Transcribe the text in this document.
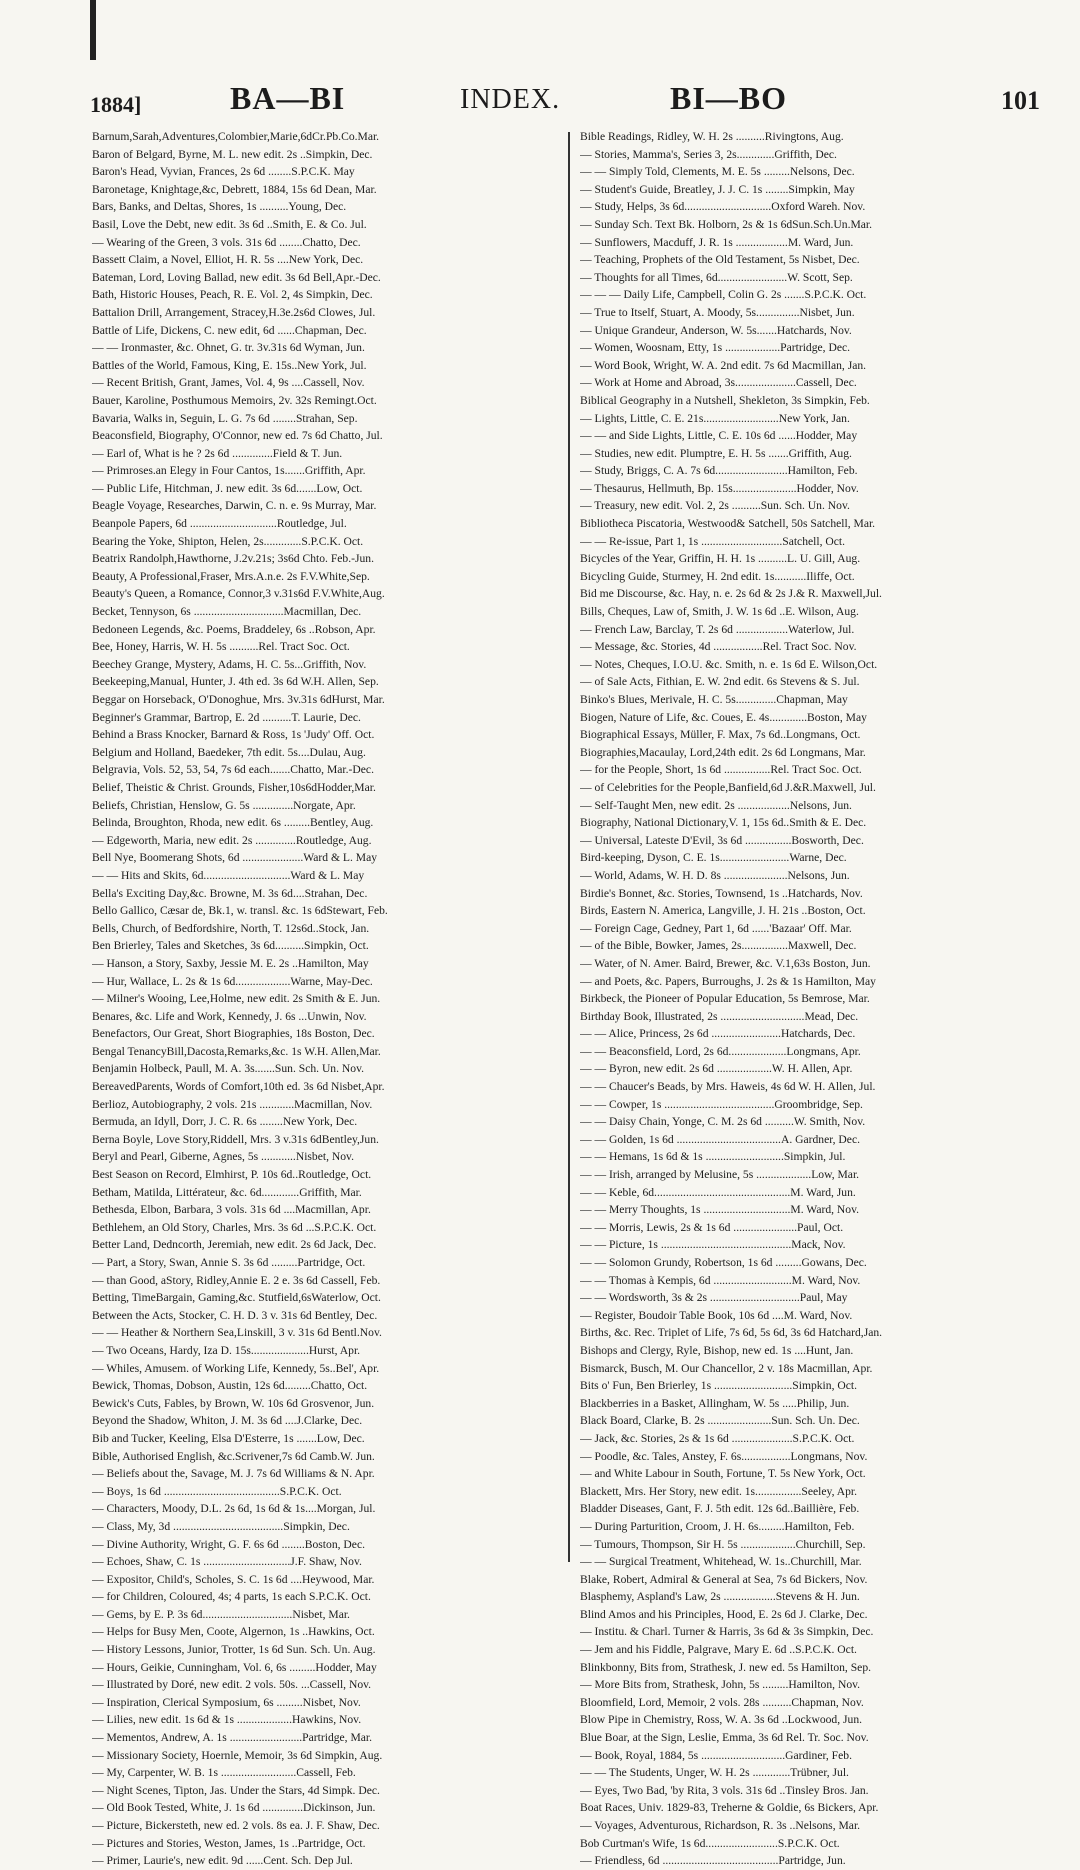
1884]	BA—BI	INDEX.	BI—BO	101
Barnum,Sarah,Adventures,Colombier,Marie,6dCr.Pb.Co.Mar.
Baron of Belgard, Byrne, M. L. new edit. 2s ..Simpkin, Dec.
Baron's Head, Vyvian, Frances, 2s 6d ........S.P.C.K. May
Baronetage, Knightage,&c, Debrett, 1884, 15s 6d Dean, Mar.
Bars, Banks, and Deltas, Shores, 1s ..........Young, Dec.
Basil, Love the Debt, new edit. 3s 6d ..Smith, E. & Co. Jul.
— Wearing of the Green, 3 vols. 31s 6d ........Chatto, Dec.
Bassett Claim, a Novel, Elliot, H. R. 5s ....New York, Dec.
Bateman, Lord, Loving Ballad, new edit. 3s 6d Bell,Apr.-Dec.
Bath, Historic Houses, Peach, R. E. Vol. 2, 4s Simpkin, Dec.
Battalion Drill, Arrangement, Stracey,H.3e.2s6d Clowes, Jul.
Battle of Life, Dickens, C. new edit, 6d ......Chapman, Dec.
— — Ironmaster, &c. Ohnet, G. tr. 3v.31s 6d Wyman, Jun.
Battles of the World, Famous, King, E. 15s..New York, Jul.
— Recent British, Grant, James, Vol. 4, 9s ....Cassell, Nov.
Bauer, Karoline, Posthumous Memoirs, 2v. 32s Remingt.Oct.
Bavaria, Walks in, Seguin, L. G. 7s 6d ........Strahan, Sep.
Beaconsfield, Biography, O'Connor, new ed. 7s 6d Chatto, Jul.
— Earl of, What is he ? 2s 6d ..............Field & T. Jun.
— Primroses.an Elegy in Four Cantos, 1s.......Griffith, Apr.
— Public Life, Hitchman, J. new edit. 3s 6d.......Low, Oct.
Beagle Voyage, Researches, Darwin, C. n. e. 9s Murray, Mar.
Beanpole Papers, 6d ..............................Routledge, Jul.
Bearing the Yoke, Shipton, Helen, 2s.............S.P.C.K. Oct.
Beatrix Randolph,Hawthorne, J.2v.21s; 3s6d Chto. Feb.-Jun.
Beauty, A Professional,Fraser, Mrs.A.n.e. 2s F.V.White,Sep.
Beauty's Queen, a Romance, Connor,3 v.31s6d F.V.White,Aug.
Becket, Tennyson, 6s ...............................Macmillan, Dec.
Bedoneen Legends, &c. Poems, Braddeley, 6s ..Robson, Apr.
Bee, Honey, Harris, W. H. 5s ..........Rel. Tract Soc. Oct.
Beechey Grange, Mystery, Adams, H. C. 5s...Griffith, Nov.
Beekeeping,Manual, Hunter, J. 4th ed. 3s 6d W.H. Allen, Sep.
Beggar on Horseback, O'Donoghue, Mrs. 3v.31s 6dHurst, Mar.
Beginner's Grammar, Bartrop, E. 2d ..........T. Laurie, Dec.
Behind a Brass Knocker, Barnard & Ross, 1s 'Judy' Off. Oct.
Belgium and Holland, Baedeker, 7th edit. 5s....Dulau, Aug.
Belgravia, Vols. 52, 53, 54, 7s 6d each.......Chatto, Mar.-Dec.
Belief, Theistic & Christ. Grounds, Fisher,10s6dHodder,Mar.
Beliefs, Christian, Henslow, G. 5s ..............Norgate, Apr.
Belinda, Broughton, Rhoda, new edit. 6s .........Bentley, Aug.
— Edgeworth, Maria, new edit. 2s ..............Routledge, Aug.
Bell Nye, Boomerang Shots, 6d .....................Ward & L. May
— — Hits and Skits, 6d..............................Ward & L. May
Bella's Exciting Day,&c. Browne, M. 3s 6d....Strahan, Dec.
Bello Gallico, Cæsar de, Bk.1, w. transl. &c. 1s 6dStewart, Feb.
Bells, Church, of Bedfordshire, North, T. 12s6d..Stock, Jan.
Ben Brierley, Tales and Sketches, 3s 6d..........Simpkin, Oct.
— Hanson, a Story, Saxby, Jessie M. E. 2s ..Hamilton, May
— Hur, Wallace, L. 2s & 1s 6d...................Warne, May-Dec.
— Milner's Wooing, Lee,Holme, new edit. 2s Smith & E. Jun.
Benares, &c. Life and Work, Kennedy, J. 6s ...Unwin, Nov.
Benefactors, Our Great, Short Biographies, 18s Boston, Dec.
Bengal TenancyBill,Dacosta,Remarks,&c. 1s W.H. Allen,Mar.
Benjamin Holbeck, Paull, M. A. 3s.......Sun. Sch. Un. Nov.
BereavedParents, Words of Comfort,10th ed. 3s 6d Nisbet,Apr.
Berlioz, Autobiography, 2 vols. 21s ............Macmillan, Nov.
Bermuda, an Idyll, Dorr, J. C. R. 6s ........New York, Dec.
Berna Boyle, Love Story,Riddell, Mrs. 3 v.31s 6dBentley,Jun.
Beryl and Pearl, Giberne, Agnes, 5s ............Nisbet, Nov.
Best Season on Record, Elmhirst, P. 10s 6d..Routledge, Oct.
Betham, Matilda, Littérateur, &c. 6d.............Griffith, Mar.
Bethesda, Elbon, Barbara, 3 vols. 31s 6d ....Macmillan, Apr.
Bethlehem, an Old Story, Charles, Mrs. 3s 6d ...S.P.C.K. Oct.
Better Land, Dedncorth, Jeremiah, new edit. 2s 6d Jack, Dec.
— Part, a Story, Swan, Annie S. 3s 6d .........Partridge, Oct.
— than Good, aStory, Ridley,Annie E. 2 e. 3s 6d Cassell, Feb.
Betting, TimeBargain, Gaming,&c. Stutfield,6sWaterlow, Oct.
Between the Acts, Stocker, C. H. D. 3 v. 31s 6d Bentley, Dec.
— — Heather & Northern Sea,Linskill, 3 v. 31s 6d Bentl.Nov.
— Two Oceans, Hardy, Iza D. 15s....................Hurst, Apr.
— Whiles, Amusem. of Working Life, Kennedy, 5s..Bel', Apr.
Bewick, Thomas, Dobson, Austin, 12s 6d.........Chatto, Oct.
Bewick's Cuts, Fables, by Brown, W. 10s 6d Grosvenor, Jun.
Beyond the Shadow, Whiton, J. M. 3s 6d ....J.Clarke, Dec.
Bib and Tucker, Keeling, Elsa D'Esterre, 1s .......Low, Dec.
Bible, Authorised English, &c.Scrivener,7s 6d Camb.W. Jun.
— Beliefs about the, Savage, M. J. 7s 6d Williams & N. Apr.
— Boys, 1s 6d ........................................S.P.C.K. Oct.
— Characters, Moody, D.L. 2s 6d, 1s 6d & 1s....Morgan, Jul.
— Class, My, 3d ......................................Simpkin, Dec.
— Divine Authority, Wright, G. F. 6s 6d ........Boston, Dec.
— Echoes, Shaw, C. 1s ..............................J.F. Shaw, Nov.
— Expositor, Child's, Scholes, S. C. 1s 6d ....Heywood, Mar.
— for Children, Coloured, 4s; 4 parts, 1s each S.P.C.K. Oct.
— Gems, by E. P. 3s 6d...............................Nisbet, Mar.
— Helps for Busy Men, Coote, Algernon, 1s ..Hawkins, Oct.
— History Lessons, Junior, Trotter, 1s 6d Sun. Sch. Un. Aug.
— Hours, Geikie, Cunningham, Vol. 6, 6s .........Hodder, May
— Illustrated by Doré, new edit. 2 vols. 50s. ...Cassell, Nov.
— Inspiration, Clerical Symposium, 6s .........Nisbet, Nov.
— Lilies, new edit. 1s 6d & 1s ...................Hawkins, Nov.
— Mementos, Andrew, A. 1s .........................Partridge, Mar.
— Missionary Society, Hoernle, Memoir, 3s 6d Simpkin, Aug.
— My, Carpenter, W. B. 1s ..........................Cassell, Feb.
— Night Scenes, Tipton, Jas. Under the Stars, 4d Simpk. Dec.
— Old Book Tested, White, J. 1s 6d ..............Dickinson, Jun.
— Picture, Bickersteth, new ed. 2 vols. 8s ea. J. F. Shaw, Dec.
— Pictures and Stories, Weston, James, 1s ..Partridge, Oct.
— Primer, Laurie's, new edit. 9d ......Cent. Sch. Dep Jul.
Bible Readings, Ridley, W. H. 2s ..........Rivingtons, Aug.
— Stories, Mamma's, Series 3, 2s.............Griffith, Dec.
— — Simply Told, Clements, M. E. 5s .........Nelsons, Dec.
— Student's Guide, Breatley, J. J. C. 1s ........Simpkin, May
— Study, Helps, 3s 6d..............................Oxford Wareh. Nov.
— Sunday Sch. Text Bk. Holborn, 2s & 1s 6dSun.Sch.Un.Mar.
— Sunflowers, Macduff, J. R. 1s ..................M. Ward, Jun.
— Teaching, Prophets of the Old Testament, 5s Nisbet, Dec.
— Thoughts for all Times, 6d........................W. Scott, Sep.
— — — Daily Life, Campbell, Colin G. 2s .......S.P.C.K. Oct.
— True to Itself, Stuart, A. Moody, 5s...............Nisbet, Jun.
— Unique Grandeur, Anderson, W. 5s.......Hatchards, Nov.
— Women, Woosnam, Etty, 1s ...................Partridge, Dec.
— Word Book, Wright, W. A. 2nd edit. 7s 6d Macmillan, Jan.
— Work at Home and Abroad, 3s.....................Cassell, Dec.
Biblical Geography in a Nutshell, Shekleton, 3s Simpkin, Feb.
— Lights, Little, C. E. 21s..........................New York, Jan.
— — and Side Lights, Little, C. E. 10s 6d ......Hodder, May
— Studies, new edit. Plumptre, E. H. 5s .......Griffith, Aug.
— Study, Briggs, C. A. 7s 6d.........................Hamilton, Feb.
— Thesaurus, Hellmuth, Bp. 15s......................Hodder, Nov.
— Treasury, new edit. Vol. 2, 2s ..........Sun. Sch. Un. Nov.
Bibliotheca Piscatoria, Westwood& Satchell, 50s Satchell, Mar.
— — Re-issue, Part 1, 1s ............................Satchell, Oct.
Bicycles of the Year, Griffin, H. H. 1s ..........L. U. Gill, Aug.
Bicycling Guide, Sturmey, H. 2nd edit. 1s...........Iliffe, Oct.
Bid me Discourse, &c. Hay, n. e. 2s 6d & 2s J.& R. Maxwell,Jul.
Bills, Cheques, Law of, Smith, J. W. 1s 6d ..E. Wilson, Aug.
— French Law, Barclay, T. 2s 6d ..................Waterlow, Jul.
— Message, &c. Stories, 4d .................Rel. Tract Soc. Nov.
— Notes, Cheques, I.O.U. &c. Smith, n. e. 1s 6d E. Wilson,Oct.
— of Sale Acts, Fithian, E. W. 2nd edit. 6s Stevens & S. Jul.
Binko's Blues, Merivale, H. C. 5s..............Chapman, May
Biogen, Nature of Life, &c. Coues, E. 4s.............Boston, May
Biographical Essays, Müller, F. Max, 7s 6d..Longmans, Oct.
Biographies,Macaulay, Lord,24th edit. 2s 6d Longmans, Mar.
— for the People, Short, 1s 6d ................Rel. Tract Soc. Oct.
— of Celebrities for the People,Banfield,6d J.&R.Maxwell, Jul.
— Self-Taught Men, new edit. 2s ..................Nelsons, Jun.
Biography, National Dictionary,V. 1, 15s 6d..Smith & E. Dec.
— Universal, Lateste D'Evil, 3s 6d ................Bosworth, Dec.
Bird-keeping, Dyson, C. E. 1s........................Warne, Dec.
— World, Adams, W. H. D. 8s ......................Nelsons, Jun.
Birdie's Bonnet, &c. Stories, Townsend, 1s ..Hatchards, Nov.
Birds, Eastern N. America, Langville, J. H. 21s ..Boston, Oct.
— Foreign Cage, Gedney, Part 1, 6d ......'Bazaar' Off. Mar.
— of the Bible, Bowker, James, 2s................Maxwell, Dec.
— Water, of N. Amer. Baird, Brewer, &c. V.1,63s Boston, Jun.
— and Poets, &c. Papers, Burroughs, J. 2s & 1s Hamilton, May
Birkbeck, the Pioneer of Popular Education, 5s Bemrose, Mar.
Birthday Book, Illustrated, 2s .............................Mead, Dec.
— — Alice, Princess, 2s 6d ........................Hatchards, Dec.
— — Beaconsfield, Lord, 2s 6d....................Longmans, Apr.
— — Byron, new edit. 2s 6d ...................W. H. Allen, Apr.
— — Chaucer's Beads, by Mrs. Haweis, 4s 6d W. H. Allen, Jul.
— — Cowper, 1s ......................................Groombridge, Sep.
— — Daisy Chain, Yonge, C. M. 2s 6d ..........W. Smith, Nov.
— — Golden, 1s 6d ....................................A. Gardner, Dec.
— — Hemans, 1s 6d & 1s ...........................Simpkin, Jul.
— — Irish, arranged by Melusine, 5s ...................Low, Mar.
— — Keble, 6d...............................................M. Ward, Jun.
— — Merry Thoughts, 1s ..............................M. Ward, Nov.
— — Morris, Lewis, 2s & 1s 6d ......................Paul, Oct.
— — Picture, 1s .............................................Mack, Nov.
— — Solomon Grundy, Robertson, 1s 6d .........Gowans, Dec.
— — Thomas à Kempis, 6d ...........................M. Ward, Nov.
— — Wordsworth, 3s & 2s ...............................Paul, May
— Register, Boudoir Table Book, 10s 6d ....M. Ward, Nov.
Births, &c. Rec. Triplet of Life, 7s 6d, 5s 6d, 3s 6d Hatchard,Jan.
Bishops and Clergy, Ryle, Bishop, new ed. 1s ....Hunt, Jan.
Bismarck, Busch, M. Our Chancellor, 2 v. 18s Macmillan, Apr.
Bits o' Fun, Ben Brierley, 1s ...........................Simpkin, Oct.
Blackberries in a Basket, Allingham, W. 5s .....Philip, Jun.
Black Board, Clarke, B. 2s ......................Sun. Sch. Un. Dec.
— Jack, &c. Stories, 2s & 1s 6d .....................S.P.C.K. Oct.
— Poodle, &c. Tales, Anstey, F. 6s.................Longmans, Nov.
— and White Labour in South, Fortune, T. 5s New York, Oct.
Blackett, Mrs. Her Story, new edit. 1s................Seeley, Apr.
Bladder Diseases, Gant, F. J. 5th edit. 12s 6d..Baillière, Feb.
— During Parturition, Croom, J. H. 6s.........Hamilton, Feb.
— Tumours, Thompson, Sir H. 5s ...................Churchill, Sep.
— — Surgical Treatment, Whitehead, W. 1s..Churchill, Mar.
Blake, Robert, Admiral & General at Sea, 7s 6d Bickers, Nov.
Blasphemy, Aspland's Law, 2s ..................Stevens & H. Jun.
Blind Amos and his Principles, Hood, E. 2s 6d J. Clarke, Dec.
— Institu. & Charl. Turner & Harris, 3s 6d & 3s Simpkin, Dec.
— Jem and his Fiddle, Palgrave, Mary E. 6d ..S.P.C.K. Oct.
Blinkbonny, Bits from, Strathesk, J. new ed. 5s Hamilton, Sep.
— More Bits from, Strathesk, John, 5s .........Hamilton, Nov.
Bloomfield, Lord, Memoir, 2 vols. 28s ..........Chapman, Nov.
Blow Pipe in Chemistry, Ross, W. A. 3s 6d ..Lockwood, Jun.
Blue Boar, at the Sign, Leslie, Emma, 3s 6d Rel. Tr. Soc. Nov.
— Book, Royal, 1884, 5s .............................Gardiner, Feb.
— — The Students, Unger, W. H. 2s .............Trübner, Jul.
— Eyes, Two Bad, 'by Rita, 3 vols. 31s 6d ..Tinsley Bros. Jan.
Boat Races, Univ. 1829-83, Treherne & Goldie, 6s Bickers, Apr.
— Voyages, Adventurous, Richardson, R. 3s ..Nelsons, Mar.
Bob Curtman's Wife, 1s 6d.........................S.P.C.K. Oct.
— Friendless, 6d ........................................Partridge, Jun.
